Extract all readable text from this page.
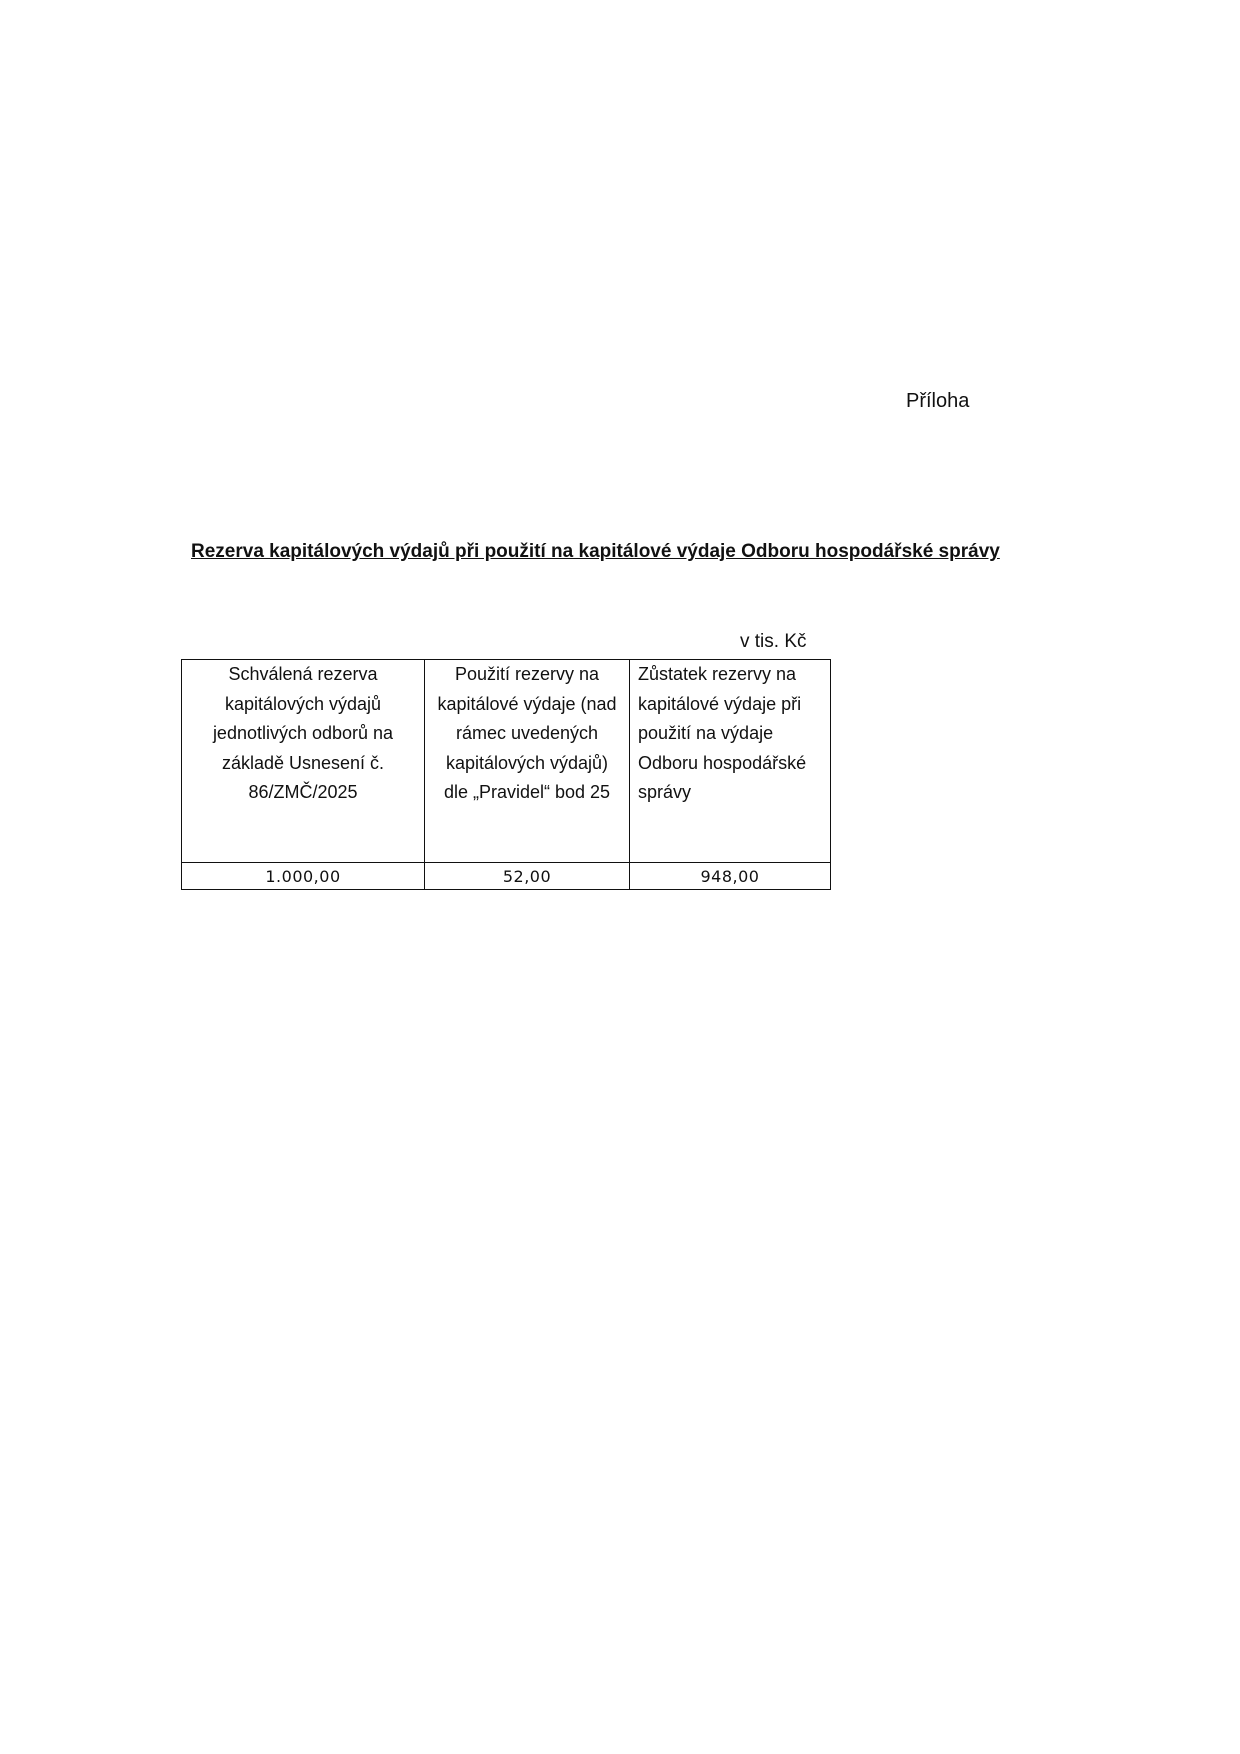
Příloha
Rezerva kapitálových výdajů při použití na kapitálové výdaje Odboru hospodářské správy
v tis. Kč
Schválená rezerva kapitálových výdajů jednotlivých odborů na základě Usnesení č. 86/ZMČ/2025	Použití rezervy na kapitálové výdaje (nad rámec uvedených kapitálových výdajů) dle „Pravidel“ bod 25	Zůstatek rezervy na kapitálové výdaje při použití na výdaje Odboru hospodářské správy

1.000,00	52,00	948,00
